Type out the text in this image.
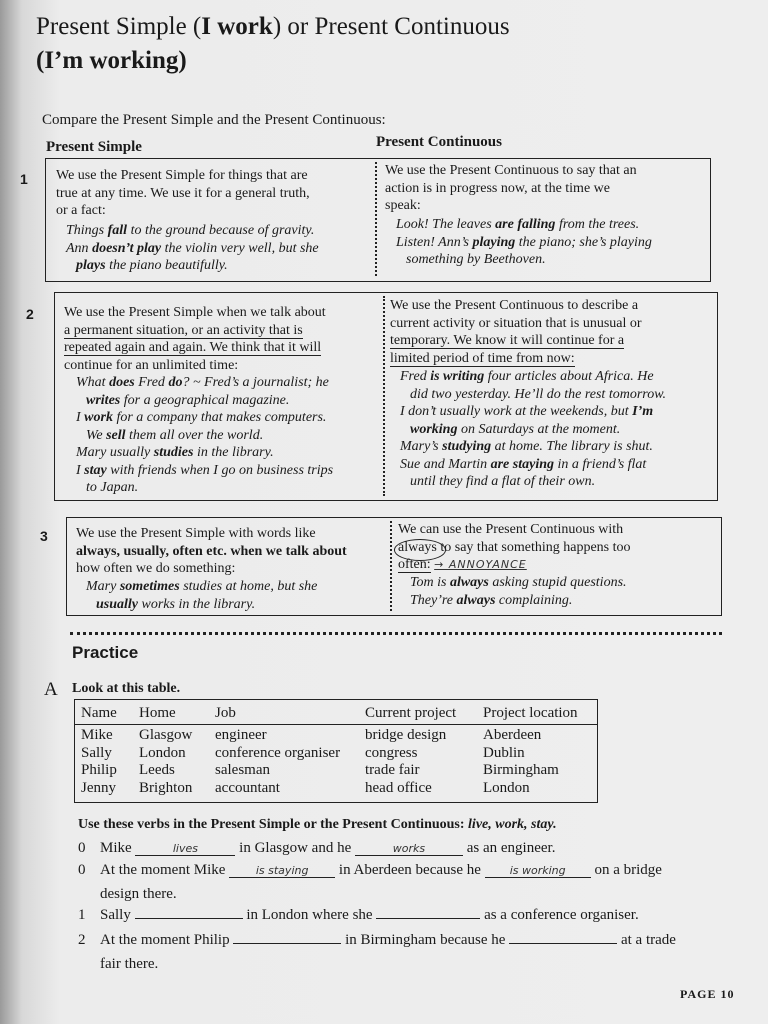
Present Simple (I work) or Present Continuous
(I’m working)
Compare the Present Simple and the Present Continuous:
Present Simple	Present Continuous
1 We use the Present Simple for things that are
true at any time. We use it for a general truth,
or a fact:
Things fall to the ground because of gravity.
Ann doesn’t play the violin very well, but she
plays the piano beautifully.
We use the Present Continuous to say that an
action is in progress now, at the time we
speak:
Look! The leaves are falling from the trees.
Listen! Ann’s playing the piano; she’s playing
something by Beethoven.
2 We use the Present Simple when we talk about
a permanent situation, or an activity that is
repeated again and again. We think that it will
continue for an unlimited time:
What does Fred do? ~ Fred’s a journalist; he
writes for a geographical magazine.
I work for a company that makes computers.
We sell them all over the world.
Mary usually studies in the library.
I stay with friends when I go on business trips
to Japan.
We use the Present Continuous to describe a
current activity or situation that is unusual or
temporary. We know it will continue for a
limited period of time from now:
Fred is writing four articles about Africa. He
did two yesterday. He’ll do the rest tomorrow.
I don’t usually work at the weekends, but I’m
working on Saturdays at the moment.
Mary’s studying at home. The library is shut.
Sue and Martin are staying in a friend’s flat
until they find a flat of their own.
3 We use the Present Simple with words like
always, usually, often etc. when we talk about
how often we do something:
Mary sometimes studies at home, but she
usually works in the library.
We can use the Present Continuous with
always to say that something happens too
often: → ANNOYANCE
Tom is always asking stupid questions.
They’re always complaining.
Practice
A Look at this table.
Name	Home	Job	Current project	Project location
Mike	Glasgow	engineer	bridge design	Aberdeen
Sally	London	conference organiser	congress	Dublin
Philip	Leeds	salesman	trade fair	Birmingham
Jenny	Brighton	accountant	head office	London
Use these verbs in the Present Simple or the Present Continuous: live, work, stay.
0 Mike	lives	in Glasgow and he	works	as an engineer.
0 At the moment Mike	is staying in Aberdeen because he	is working on a bridge
design there.
1 Sally	in London where she	as a conference organiser.
2 At the moment Philip	in Birmingham because he	at a trade
fair there.
PAGE 10
